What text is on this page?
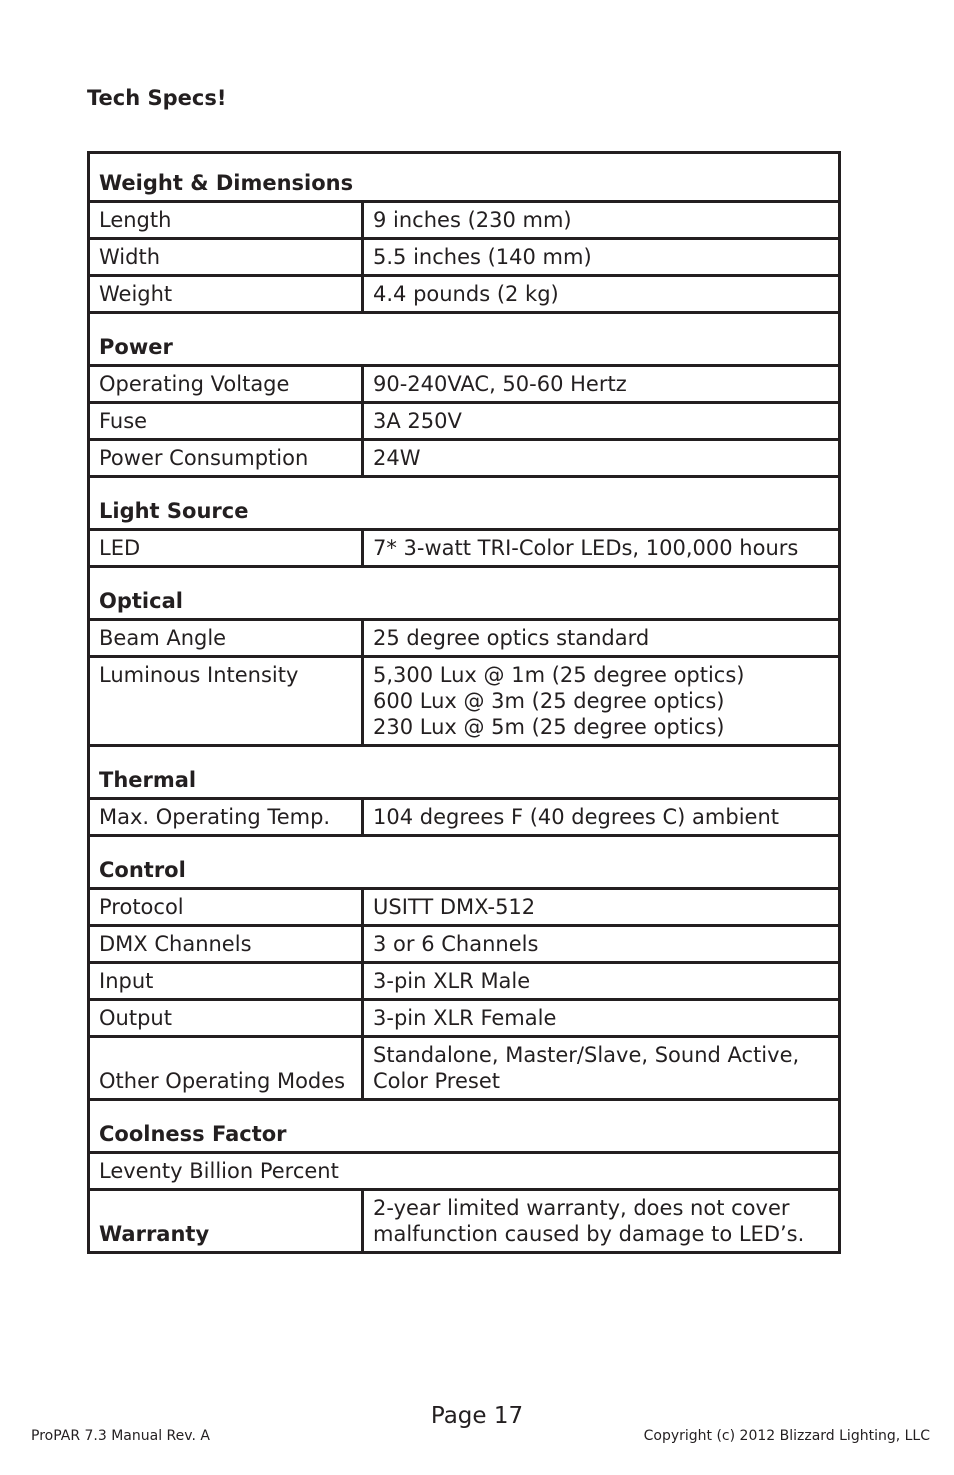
Tech Specs!
Weight & Dimensions	
Length	9 inches (230 mm)
Width	5.5 inches (140 mm)
Weight	4.4 pounds (2 kg)
Power	
Operating Voltage	90-240VAC, 50-60 Hertz
Fuse	3A 250V
Power Consumption	24W
Light Source	
LED	7* 3-watt TRI-Color LEDs, 100,000 hours
Optical	
Beam Angle	25 degree optics standard
Luminous Intensity	5,300 Lux @ 1m (25 degree optics)
600 Lux @ 3m (25 degree optics)
230 Lux @ 5m (25 degree optics)

Thermal	
Max. Operating Temp.	104 degrees F (40 degrees C) ambient
Control	
Protocol	USITT DMX-512
DMX Channels	3 or 6 Channels
Input	3-pin XLR Male
Output	3-pin XLR Female
Other Operating Modes	Standalone, Master/Slave, Sound Active,
Color Preset

Coolness Factor	
Leventy Billion Percent	
Warranty	2-year limited warranty, does not cover
malfunction caused by damage to LED’s.
Page 17
ProPAR 7.3 Manual Rev. A	Copyright (c) 2012 Blizzard Lighting, LLC
